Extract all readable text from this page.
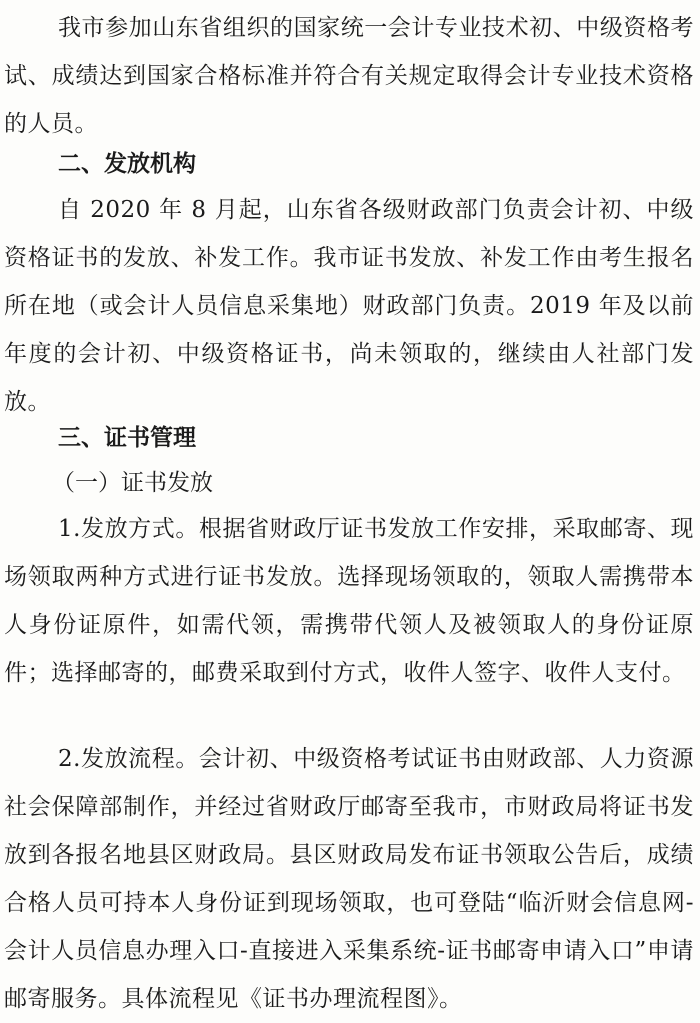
我市参加山东省组织的国家统一会计专业技术初、中级资格考试、成绩达到国家合格标准并符合有关规定取得会计专业技术资格的人员。

二、发放机构

自 2020 年 8 月起，山东省各级财政部门负责会计初、中级资格证书的发放、补发工作。我市证书发放、补发工作由考生报名所在地（或会计人员信息采集地）财政部门负责。2019 年及以前年度的会计初、中级资格证书，尚未领取的，继续由人社部门发放。

三、证书管理
（一）证书发放

1.发放方式。根据省财政厅证书发放工作安排，采取邮寄、现场领取两种方式进行证书发放。选择现场领取的，领取人需携带本人身份证原件，如需代领，需携带代领人及被领取人的身份证原件；选择邮寄的，邮费采取到付方式，收件人签字、收件人支付。

2.发放流程。会计初、中级资格考试证书由财政部、人力资源社会保障部制作，并经过省财政厅邮寄至我市，市财政局将证书发放到各报名地县区财政局。县区财政局发布证书领取公告后，成绩合格人员可持本人身份证到现场领取，也可登陆“临沂财会信息网-会计人员信息办理入口-直接进入采集系统-证书邮寄申请入口”申请邮寄服务。具体流程见《证书办理流程图》。
